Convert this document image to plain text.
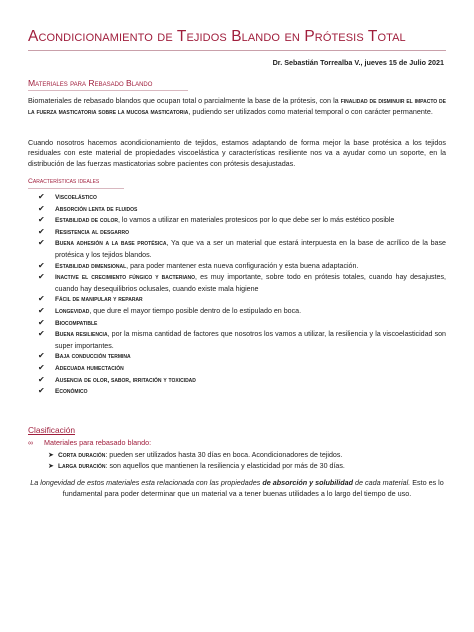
Acondicionamiento de Tejidos Blando en Prótesis Total
Dr. Sebastián Torrealba V., jueves 15 de Julio 2021
Materiales para Rebasado Blando
Biomateriales de rebasado blandos que ocupan total o parcialmente la base de la prótesis, con la finalidad de disminuir el impacto de la fuerza masticatoria sobre la mucosa masticatoria, pudiendo ser utilizados como material temporal o con carácter permanente.
Cuando nosotros hacemos acondicionamiento de tejidos, estamos adaptando de forma mejor la base protésica a los tejidos residuales con este material de propiedades viscoelástica y características resiliente nos va a ayudar como un soporte, en la distribución de las fuerzas masticatorias sobre pacientes con prótesis desajustadas.
Características ideales
✔ Viscoelástico
✔ Absorción lenta de fluidos
✔ Estabilidad de color, lo vamos a utilizar en materiales protesicos por lo que debe ser lo más estético posible
✔ Resistencia al desgarro
✔ Buena adhesión a la base protésica, Ya que va a ser un material que estará interpuesta en la base de acrílico de la base protésica y los tejidos blandos.
✔ Estabilidad dimensional, para poder mantener esta nueva configuración y esta buena adaptación.
✔ Inactive el crecimiento fúngico y bacteriano, es muy importante, sobre todo en prótesis totales, cuando hay desajustes, cuando hay desequilibrios oclusales, cuando existe mala higiene
✔ Fácil de manipular y reparar
✔ Longevidad, que dure el mayor tiempo posible dentro de lo estipulado en boca.
✔ Biocompatible
✔ Buena resiliencia, por la misma cantidad de factores que nosotros los vamos a utilizar, la resiliencia y la viscoelasticidad son super importantes.
✔ Baja conducción termina
✔ Adecuada humectación
✔ Ausencia de olor, sabor, irritación y toxicidad
✔ Económico
Clasificación
∞ Materiales para rebasado blando:
➤ Corta duración: pueden ser utilizados hasta 30 días en boca. Acondicionadores de tejidos.
➤ Larga duración: son aquellos que mantienen la resiliencia y elasticidad por más de 30 días.
La longevidad de estos materiales esta relacionada con las propiedades de absorción y solubilidad de cada material. Esto es lo fundamental para poder determinar que un material va a tener buenas utilidades a lo largo del tiempo de uso.
